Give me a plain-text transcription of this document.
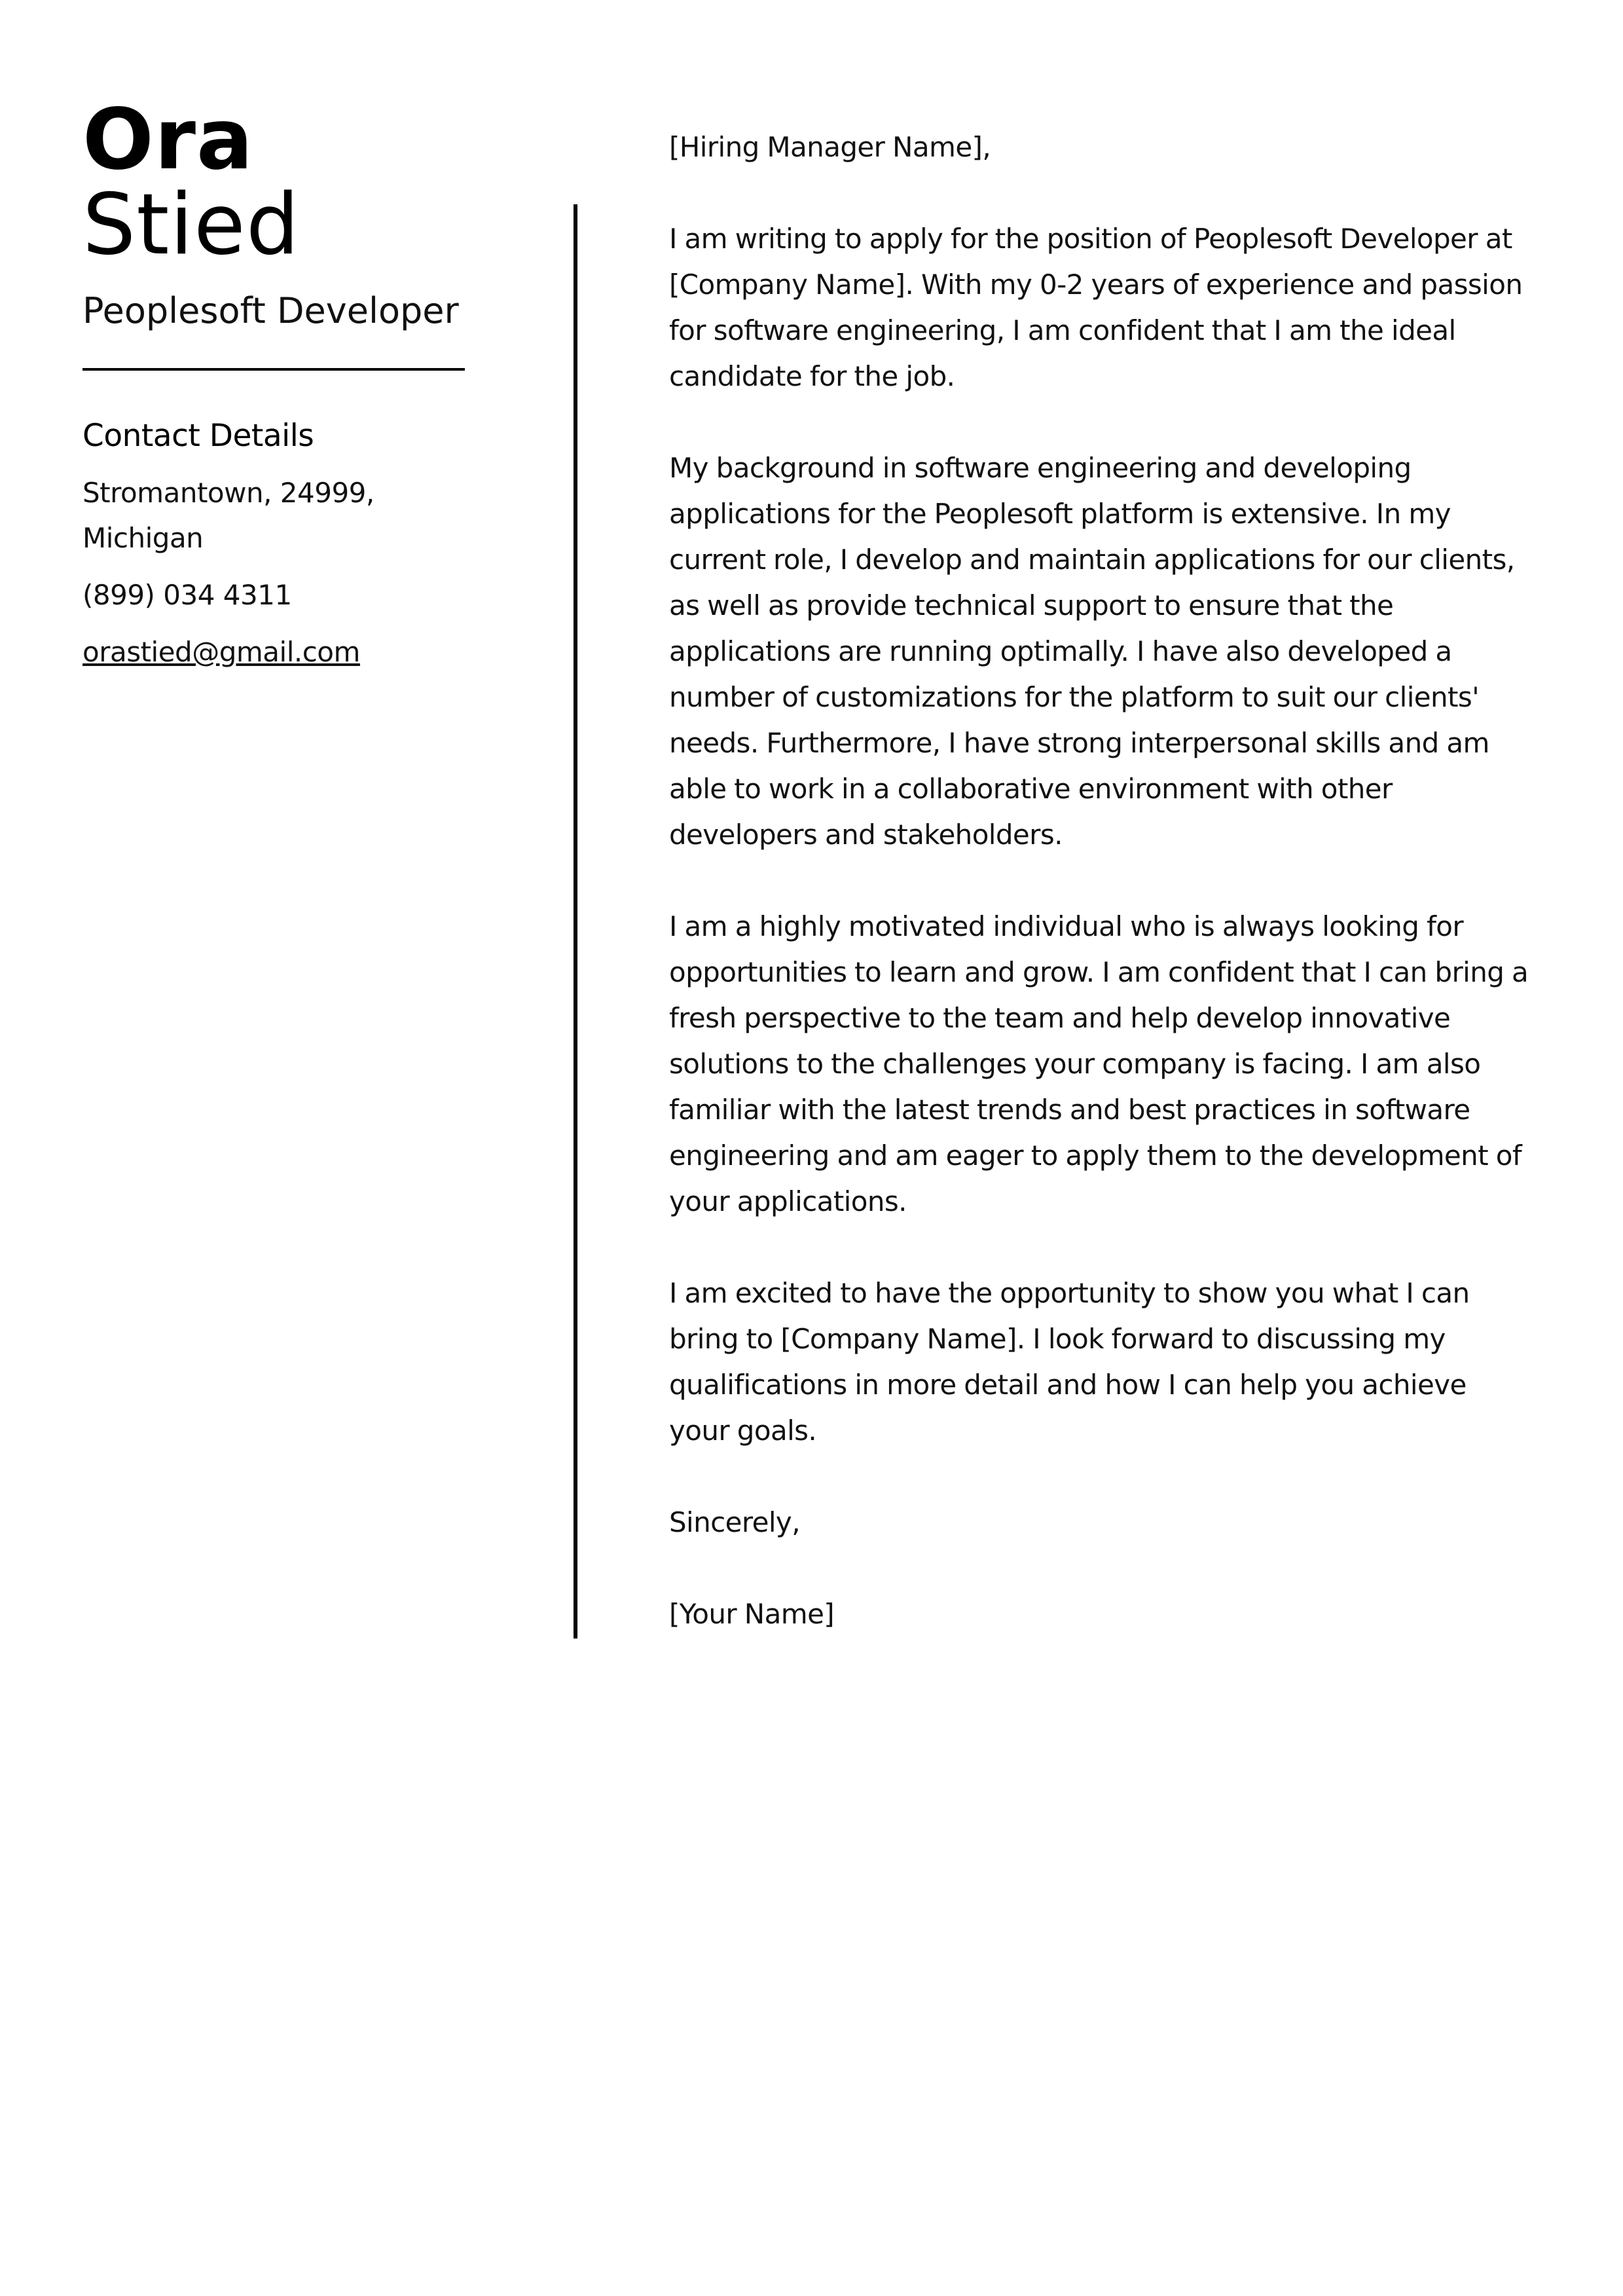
Ora
Stied
Peoplesoft Developer
Contact Details
Stromantown, 24999, Michigan
(899) 034 4311
orastied@gmail.com

[Hiring Manager Name],

I am writing to apply for the position of Peoplesoft Developer at [Company Name]. With my 0-2 years of experience and passion for software engineering, I am confident that I am the ideal candidate for the job.

My background in software engineering and developing applications for the Peoplesoft platform is extensive. In my current role, I develop and maintain applications for our clients, as well as provide technical support to ensure that the applications are running optimally. I have also developed a number of customizations for the platform to suit our clients' needs. Furthermore, I have strong interpersonal skills and am able to work in a collaborative environment with other developers and stakeholders.

I am a highly motivated individual who is always looking for opportunities to learn and grow. I am confident that I can bring a fresh perspective to the team and help develop innovative solutions to the challenges your company is facing. I am also familiar with the latest trends and best practices in software engineering and am eager to apply them to the development of your applications.

I am excited to have the opportunity to show you what I can bring to [Company Name]. I look forward to discussing my qualifications in more detail and how I can help you achieve your goals.

Sincerely,

[Your Name]
